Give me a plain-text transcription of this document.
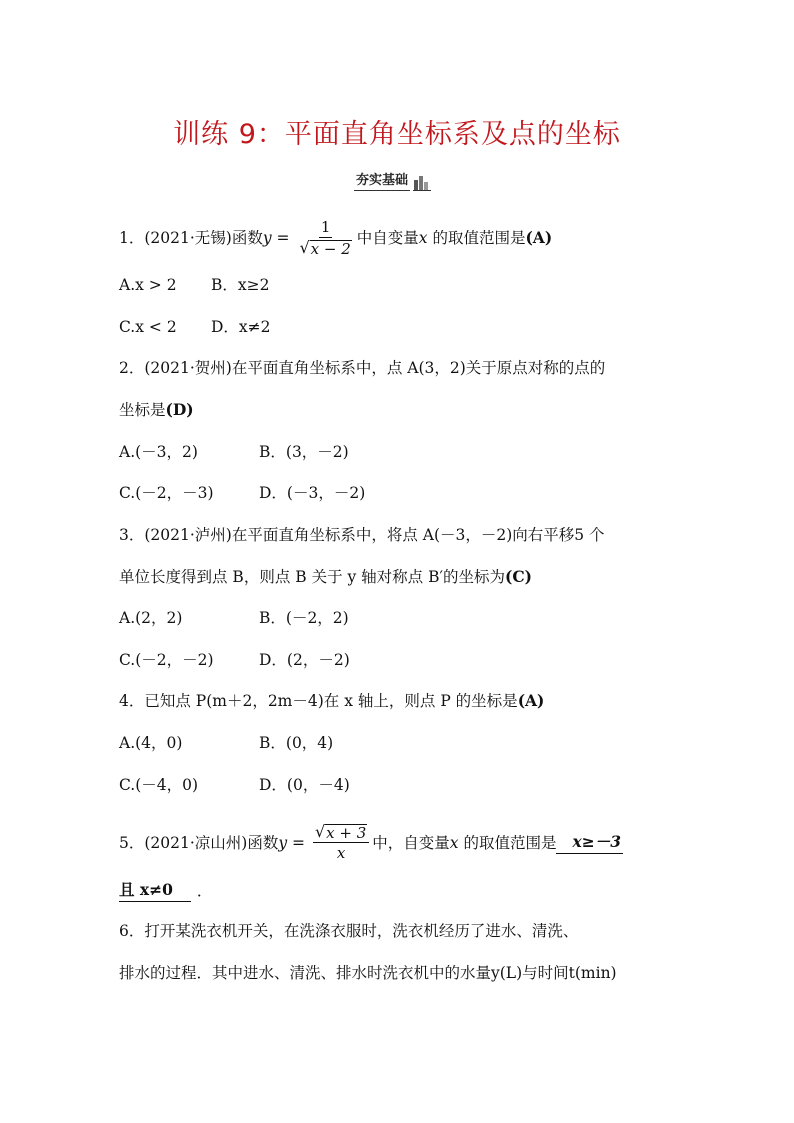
训练 9：平面直角坐标系及点的坐标
夯实基础
1． (2021·无锡)函数 $y = \frac{1}{√ x - 2}$ 中自变量 x 的取值范围是 (A)
A.x > 2	B．x≥2
C.x < 2	D．x≠2
2．(2021·贺州)在平面直角坐标系中，点 A(3，2)关于原点对称的点的
坐标是 (D)
A.(－3，2)	B．(3，－2)
C.(－2，－3)	D．(－3，－2)
3．(2021·泸州)在平面直角坐标系中，将点 A(－3，－2)向右平移5 个
单位长度得到点 B，则点 B 关于 y 轴对称点 B′的坐标为 (C)
A.(2，2)	B．(－2，2)
C.(－2，－2)	D．(2，－2)
4．已知点 P(m＋2，2m－4)在 x 轴上，则点 P 的坐标是 (A)
A.(4，0)	B．(0，4)
C.(－4，0)	D．(0，－4)
5． (2021·凉山州)函数 $y = \frac{√ x + 3}{x}$ 中，自变量 x 的取值范围是	x≥－3
且 x≠0	．
6．打开某洗衣机开关，在洗涤衣服时，洗衣机经历了进水、清洗、
排水的过程．其中进水、清洗、排水时洗衣机中的水量y(L)与时间t(min)
